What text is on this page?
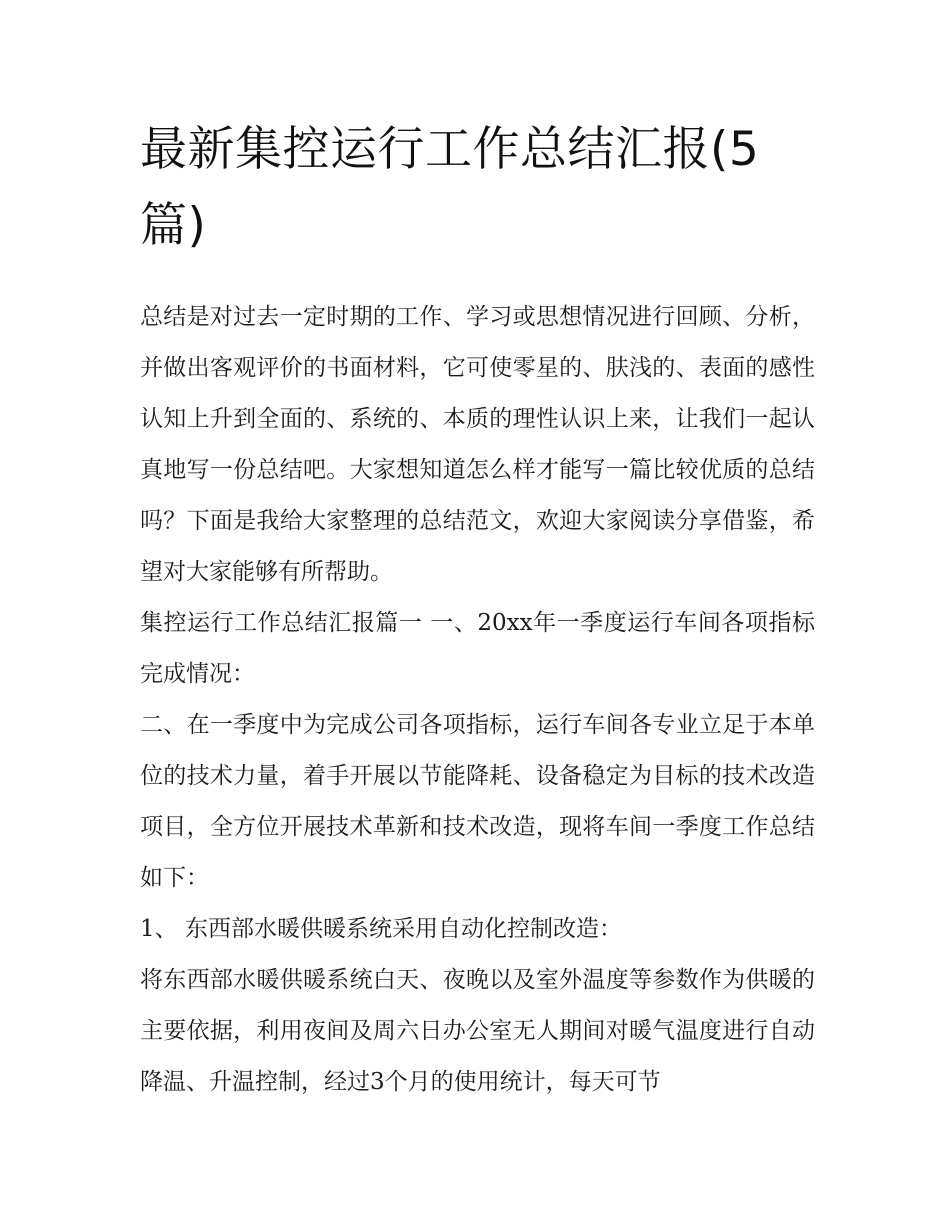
最新集控运行工作总结汇报(5篇)

总结是对过去一定时期的工作、学习或思想情况进行回顾、分析，并做出客观评价的书面材料，它可使零星的、肤浅的、表面的感性认知上升到全面的、系统的、本质的理性认识上来，让我们一起认真地写一份总结吧。大家想知道怎么样才能写一篇比较优质的总结吗？下面是我给大家整理的总结范文，欢迎大家阅读分享借鉴，希望对大家能够有所帮助。

集控运行工作总结汇报篇一 一、20xx年一季度运行车间各项指标完成情况：

二、在一季度中为完成公司各项指标，运行车间各专业立足于本单位的技术力量，着手开展以节能降耗、设备稳定为目标的技术改造项目，全方位开展技术革新和技术改造，现将车间一季度工作总结如下：

1、 东西部水暖供暖系统采用自动化控制改造：

将东西部水暖供暖系统白天、夜晚以及室外温度等参数作为供暖的主要依据，利用夜间及周六日办公室无人期间对暖气温度进行自动降温、升温控制，经过3个月的使用统计，每天可节
